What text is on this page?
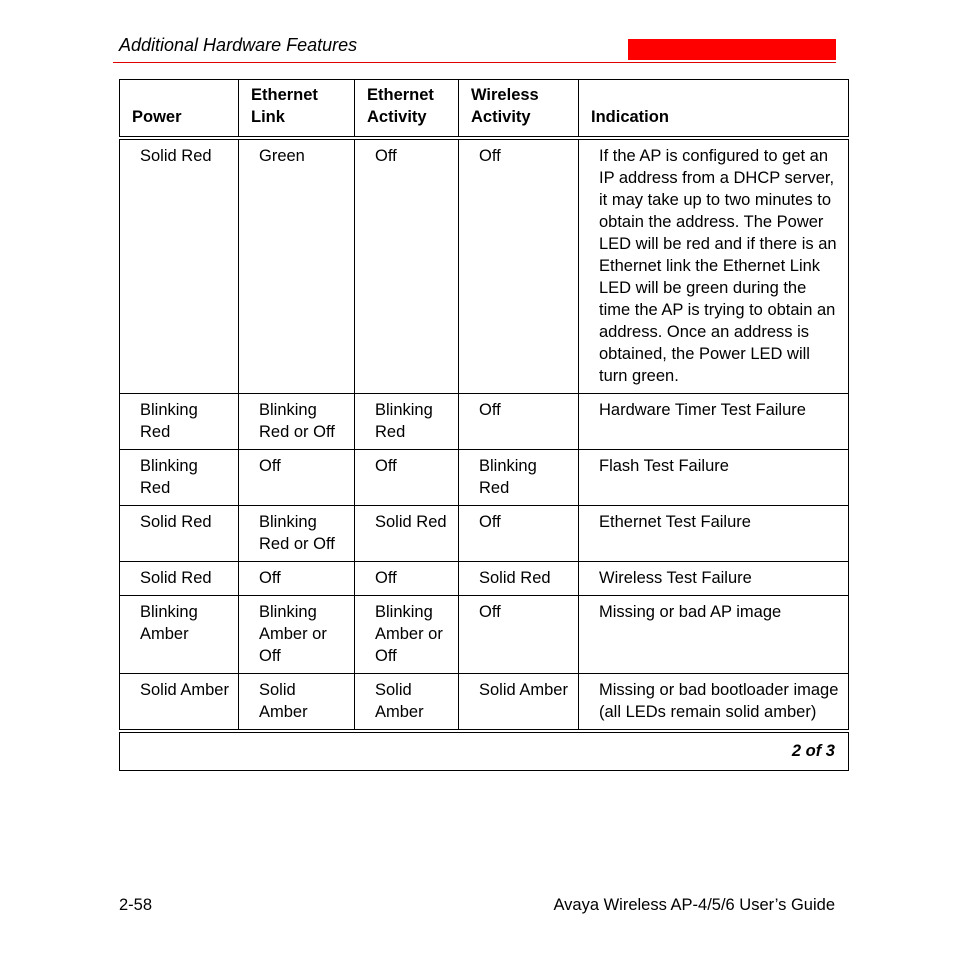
Additional Hardware Features
Power	Ethernet Link	Ethernet Activity	Wireless Activity	Indication
Solid Red	Green	Off	Off	If the AP is configured to get an IP address from a DHCP server, it may take up to two minutes to obtain the address. The Power LED will be red and if there is an Ethernet link the Ethernet Link LED will be green during the time the AP is trying to obtain an address. Once an address is obtained, the Power LED will turn green.
Blinking Red	Blinking Red or Off	Blinking Red	Off	Hardware Timer Test Failure
Blinking Red	Off	Off	Blinking Red	Flash Test Failure
Solid Red	Blinking Red or Off	Solid Red	Off	Ethernet Test Failure
Solid Red	Off	Off	Solid Red	Wireless Test Failure
Blinking Amber	Blinking Amber or Off	Blinking Amber or Off	Off	Missing or bad AP image
Solid Amber	Solid Amber	Solid Amber	Solid Amber	Missing or bad bootloader image (all LEDs remain solid amber)
2 of 3				
2-58	Avaya Wireless AP-4/5/6 User’s Guide
